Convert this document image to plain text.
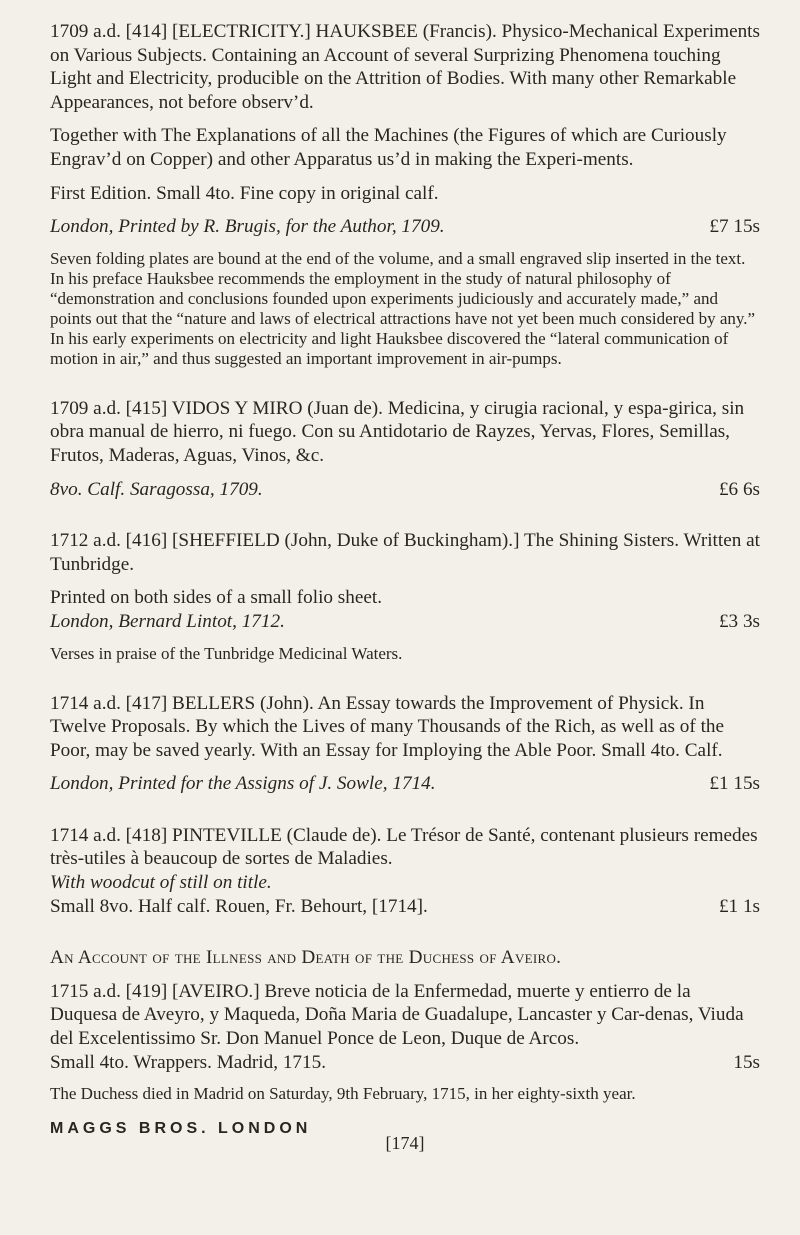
1709 a.d. [414] [ELECTRICITY.] HAUKSBEE (Francis). Physico-Mechanical Experiments on Various Subjects. Containing an Account of several Surprizing Phenomena touching Light and Electricity, producible on the Attrition of Bodies. With many other Remarkable Appearances, not before observ’d.

Together with The Explanations of all the Machines (the Figures of which are Curiously Engrav’d on Copper) and other Apparatus us’d in making the Experi-ments.

First Edition. Small 4to. Fine copy in original calf.

London, Printed by R. Brugis, for the Author, 1709.	£7 15s

Seven folding plates are bound at the end of the volume, and a small engraved slip inserted in the text.

In his preface Hauksbee recommends the employment in the study of natural philosophy of “demonstration and conclusions founded upon experiments judiciously and accurately made,” and points out that the “nature and laws of electrical attractions have not yet been much considered by any.” In his early experiments on electricity and light Hauksbee discovered the “lateral communication of motion in air,” and thus suggested an important improvement in air-pumps.

1709 a.d. [415] VIDOS Y MIRO (Juan de). Medicina, y cirugia racional, y espa-girica, sin obra manual de hierro, ni fuego. Con su Antidotario de Rayzes, Yervas, Flores, Semillas, Frutos, Maderas, Aguas, Vinos, &c.

8vo. Calf. Saragossa, 1709.	£6 6s

1712 a.d. [416] [SHEFFIELD (John, Duke of Buckingham).] The Shining Sisters. Written at Tunbridge.

Printed on both sides of a small folio sheet.

London, Bernard Lintot, 1712.	£3 3s

Verses in praise of the Tunbridge Medicinal Waters.

1714 a.d. [417] BELLERS (John). An Essay towards the Improvement of Physick. In Twelve Proposals. By which the Lives of many Thousands of the Rich, as well as of the Poor, may be saved yearly. With an Essay for Imploying the Able Poor. Small 4to. Calf.

London, Printed for the Assigns of J. Sowle, 1714.	£1 15s

1714 a.d. [418] PINTEVILLE (Claude de). Le Trésor de Santé, contenant plusieurs remedes très-utiles à beaucoup de sortes de Maladies.

With woodcut of still on title.

Small 8vo. Half calf. Rouen, Fr. Behourt, [1714].	£1 1s

An Account of the Illness and Death of the Duchess of Aveiro.

1715 a.d. [419] [AVEIRO.] Breve noticia de la Enfermedad, muerte y entierro de la Duquesa de Aveyro, y Maqueda, Doña Maria de Guadalupe, Lancaster y Car-denas, Viuda del Excelentissimo Sr. Don Manuel Ponce de Leon, Duque de Arcos.

Small 4to. Wrappers. Madrid, 1715.	15s

The Duchess died in Madrid on Saturday, 9th February, 1715, in her eighty-sixth year.

[174]
MAGGS BROS. LONDON
